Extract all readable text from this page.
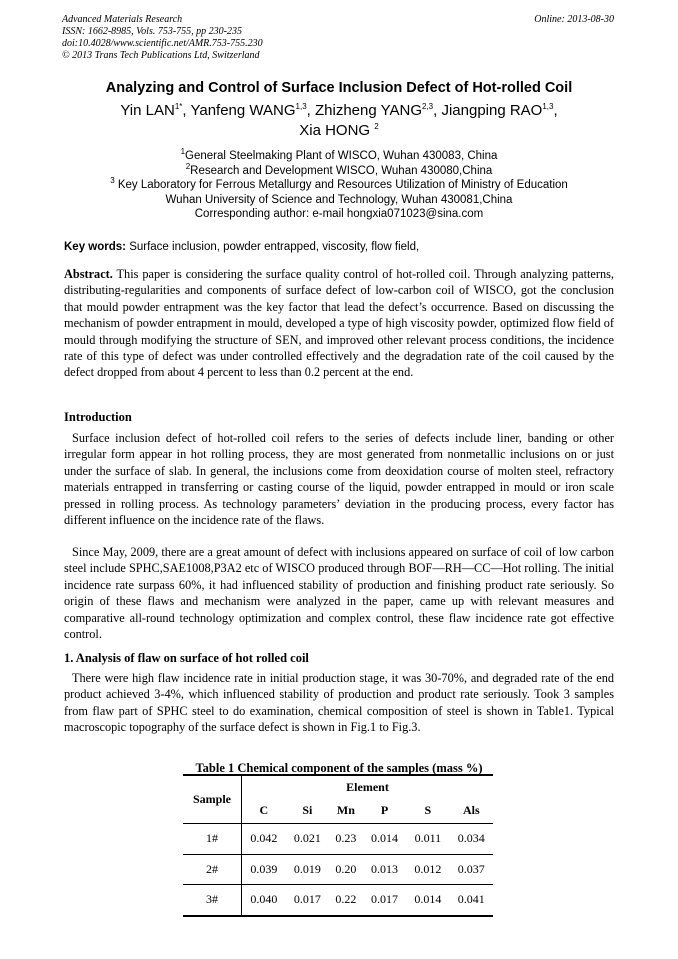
Advanced Materials Research
ISSN: 1662-8985, Vols. 753-755, pp 230-235
doi:10.4028/www.scientific.net/AMR.753-755.230
© 2013 Trans Tech Publications Ltd, Switzerland
Online: 2013-08-30
Analyzing and Control of Surface Inclusion Defect of Hot-rolled Coil
Yin $LAN^{1*}$, Yanfeng WANG$^{1,3}$, Zhizheng YANG$^{2,3}$, Jiangping RAO$^{1,3}$,
Xia HONG $^2$
$^1$General Steelmaking Plant of WISCO, Wuhan 430083, China
$^2$Research and Development WISCO, Wuhan 430080,China
$^3$ Key Laboratory for Ferrous Metallurgy and Resources Utilization of Ministry of Education
Wuhan University of Science and Technology, Wuhan 430081,China
Corresponding author: e-mail hongxia071023@sina.com
Key words: Surface inclusion, powder entrapped, viscosity, flow field,
Abstract. This paper is considering the surface quality control of hot-rolled coil. Through analyzing patterns, distributing-regularities and components of surface defect of low-carbon coil of WISCO, got the conclusion that mould powder entrapment was the key factor that lead the defect’s occurrence. Based on discussing the mechanism of powder entrapment in mould, developed a type of high viscosity powder, optimized flow field of mould through modifying the structure of SEN, and improved other relevant process conditions, the incidence rate of this type of defect was under controlled effectively and the degradation rate of the coil caused by the defect dropped from about 4 percent to less than 0.2 percent at the end.
Introduction
Surface inclusion defect of hot-rolled coil refers to the series of defects include liner, banding or other irregular form appear in hot rolling process, they are most generated from nonmetallic inclusions on or just under the surface of slab. In general, the inclusions come from deoxidation course of molten steel, refractory materials entrapped in transferring or casting course of the liquid, powder entrapped in mould or iron scale pressed in rolling process. As technology parameters’ deviation in the producing process, every factor has different influence on the incidence rate of the flaws.
Since May, 2009, there are a great amount of defect with inclusions appeared on surface of coil of low carbon steel include SPHC,SAE1008,P3A2 etc of WISCO produced through BOF—RH—CC—Hot rolling. The initial incidence rate surpass 60%, it had influenced stability of production and finishing product rate seriously. So origin of these flaws and mechanism were analyzed in the paper, came up with relevant measures and comparative all-round technology optimization and complex control, these flaw incidence rate got effective control.
1. Analysis of flaw on surface of hot rolled coil
There were high flaw incidence rate in initial production stage, it was 30-70%, and degraded rate of the end product achieved 3-4%, which influenced stability of production and product rate seriously. Took 3 samples from flaw part of SPHC steel to do examination, chemical composition of steel is shown in Table1. Typical macroscopic topography of the surface defect is shown in Fig.1 to Fig.3.
Table 1 Chemical component of the samples (mass %)
Sample	Element					
	C	Si	Mn	P	S	Als
1#	0.042	0.021	0.23	0.014	0.011	0.034
2#	0.039	0.019	0.20	0.013	0.012	0.037
3#	0.040	0.017	0.22	0.017	0.014	0.041
